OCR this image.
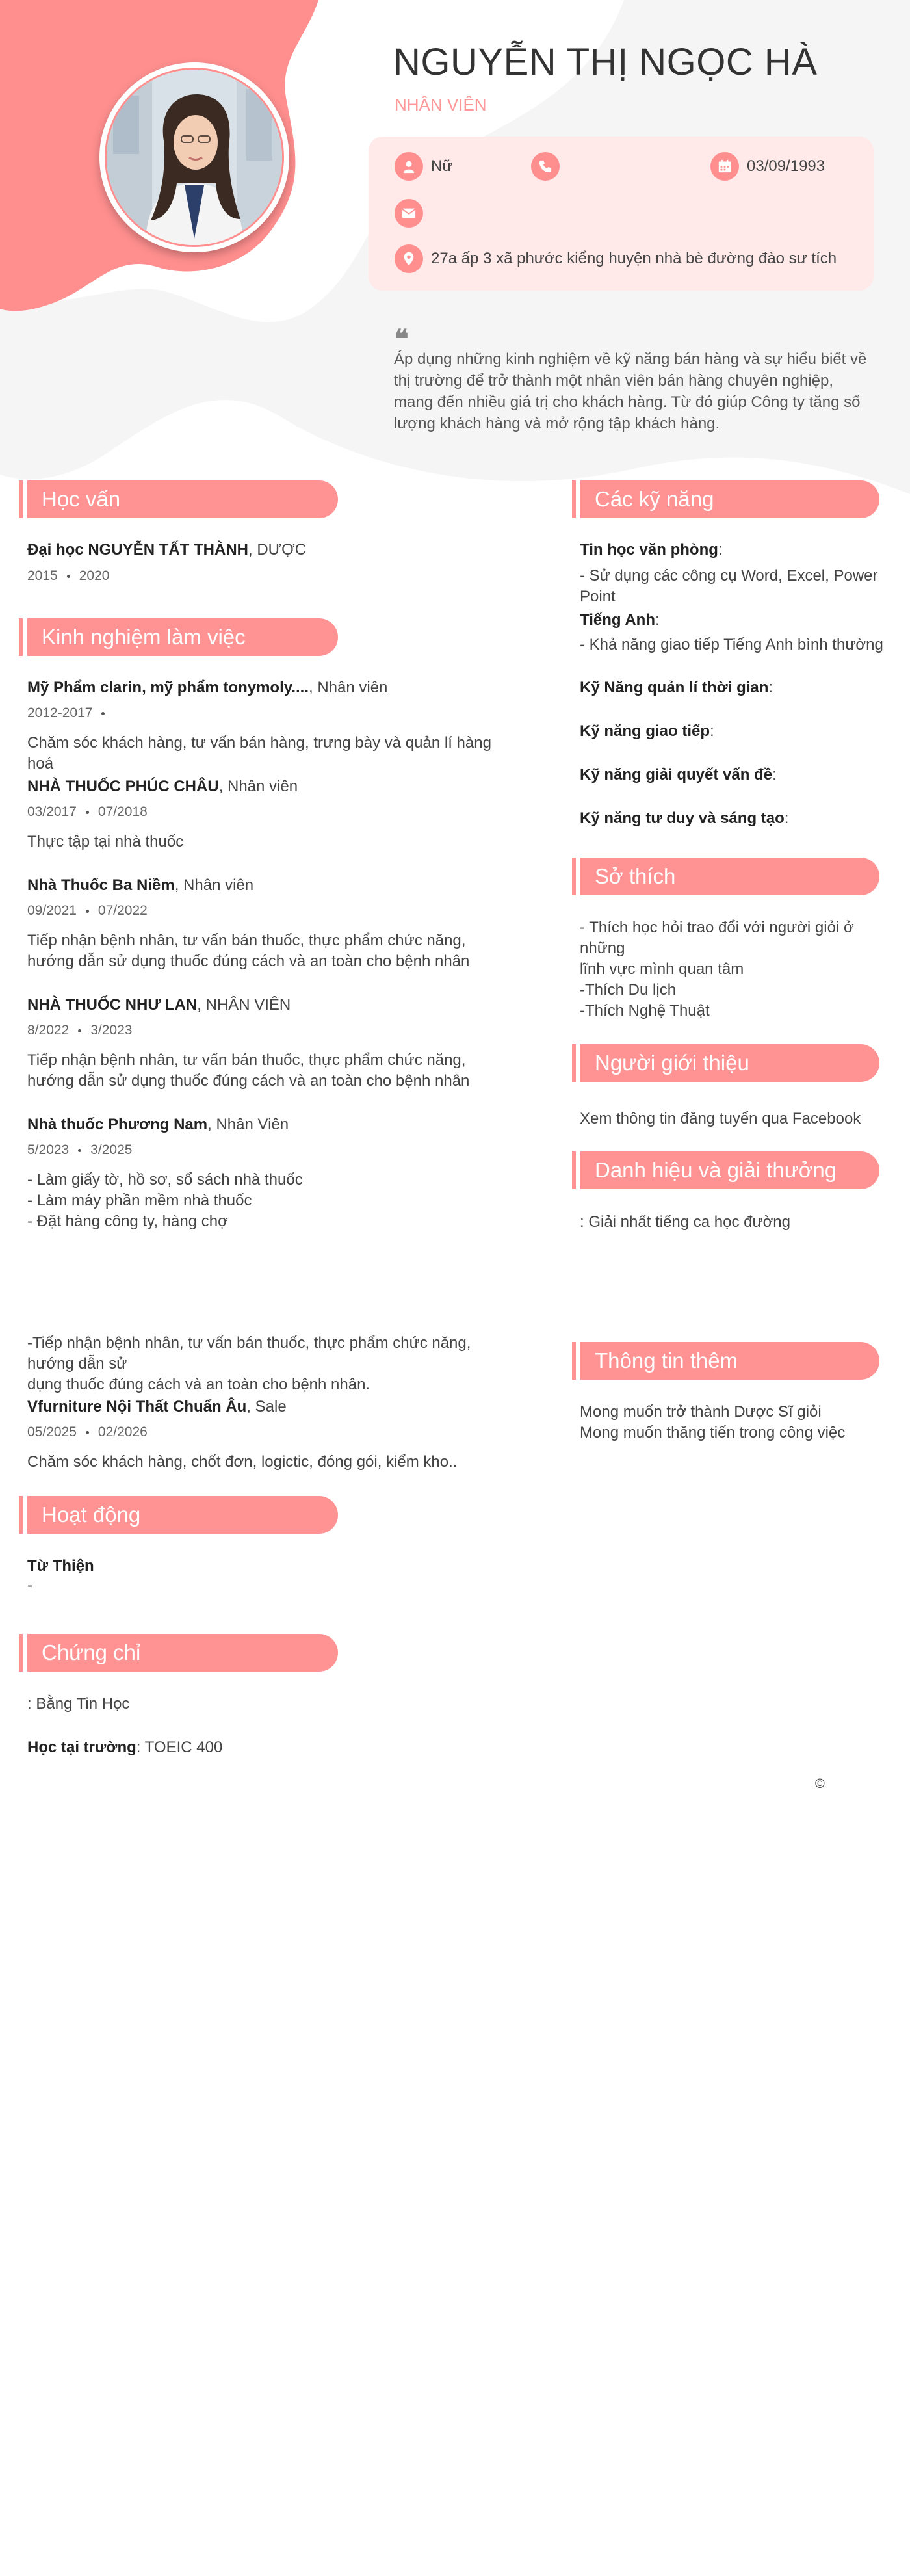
NGUYỄN THỊ NGỌC HÀ
NHÂN VIÊN
Nữ	03/09/1993
27a ấp 3 xã phước kiểng huyện nhà bè đường đào sư tích
❝
Áp dụng những kinh nghiệm về kỹ năng bán hàng và sự hiểu biết về thị trường để trở thành một nhân viên bán hàng chuyên nghiệp, mang đến nhiều giá trị cho khách hàng. Từ đó giúp Công ty tăng số lượng khách hàng và mở rộng tập khách hàng.
Học vấn
Đại học NGUYỄN TẤT THÀNH, DƯỢC
2015 2020
Kinh nghiệm làm việc
Mỹ Phẩm clarin, mỹ phẩm tonymoly...., Nhân viên
2012-2017
Chăm sóc khách hàng, tư vấn bán hàng, trưng bày và quản lí hàng hoá
NHÀ THUỐC PHÚC CHÂU, Nhân viên
03/2017 07/2018
Thực tập tại nhà thuốc
Nhà Thuốc Ba Niềm, Nhân viên
09/2021 07/2022
Tiếp nhận bệnh nhân, tư vấn bán thuốc, thực phẩm chức năng, hướng dẫn sử dụng thuốc đúng cách và an toàn cho bệnh nhân
NHÀ THUỐC NHƯ LAN, NHÂN VIÊN
8/2022 3/2023
Tiếp nhận bệnh nhân, tư vấn bán thuốc, thực phẩm chức năng, hướng dẫn sử dụng thuốc đúng cách và an toàn cho bệnh nhân
Nhà thuốc Phương Nam, Nhân Viên
5/2023 3/2025
- Làm giấy tờ, hồ sơ, sổ sách nhà thuốc
- Làm máy phần mềm nhà thuốc
- Đặt hàng công ty, hàng chợ
-Tiếp nhận bệnh nhân, tư vấn bán thuốc, thực phẩm chức năng, hướng dẫn sử
dụng thuốc đúng cách và an toàn cho bệnh nhân.
Vfurniture Nội Thất Chuẩn Âu, Sale
05/2025 02/2026
Chăm sóc khách hàng, chốt đơn, logictic, đóng gói, kiểm kho..
Hoạt động
Từ Thiện
-
Chứng chỉ
: Bằng Tin Học
Học tại trường: TOEIC 400
Các kỹ năng
Tin học văn phòng:
- Sử dụng các công cụ Word, Excel, Power Point
Tiếng Anh:
- Khả năng giao tiếp Tiếng Anh bình thường
Kỹ Năng quản lí thời gian:
Kỹ năng giao tiếp:
Kỹ năng giải quyết vấn đề:
Kỹ năng tư duy và sáng tạo:
Sở thích
- Thích học hỏi trao đổi với người giỏi ở những
lĩnh vực mình quan tâm
-Thích Du lịch
-Thích Nghệ Thuật
Người giới thiệu
Xem thông tin đăng tuyển qua Facebook
Danh hiệu và giải thưởng
: Giải nhất tiếng ca học đường
Thông tin thêm
Mong muốn trở thành Dược Sĩ giỏi
Mong muốn thăng tiến trong công việc
©
